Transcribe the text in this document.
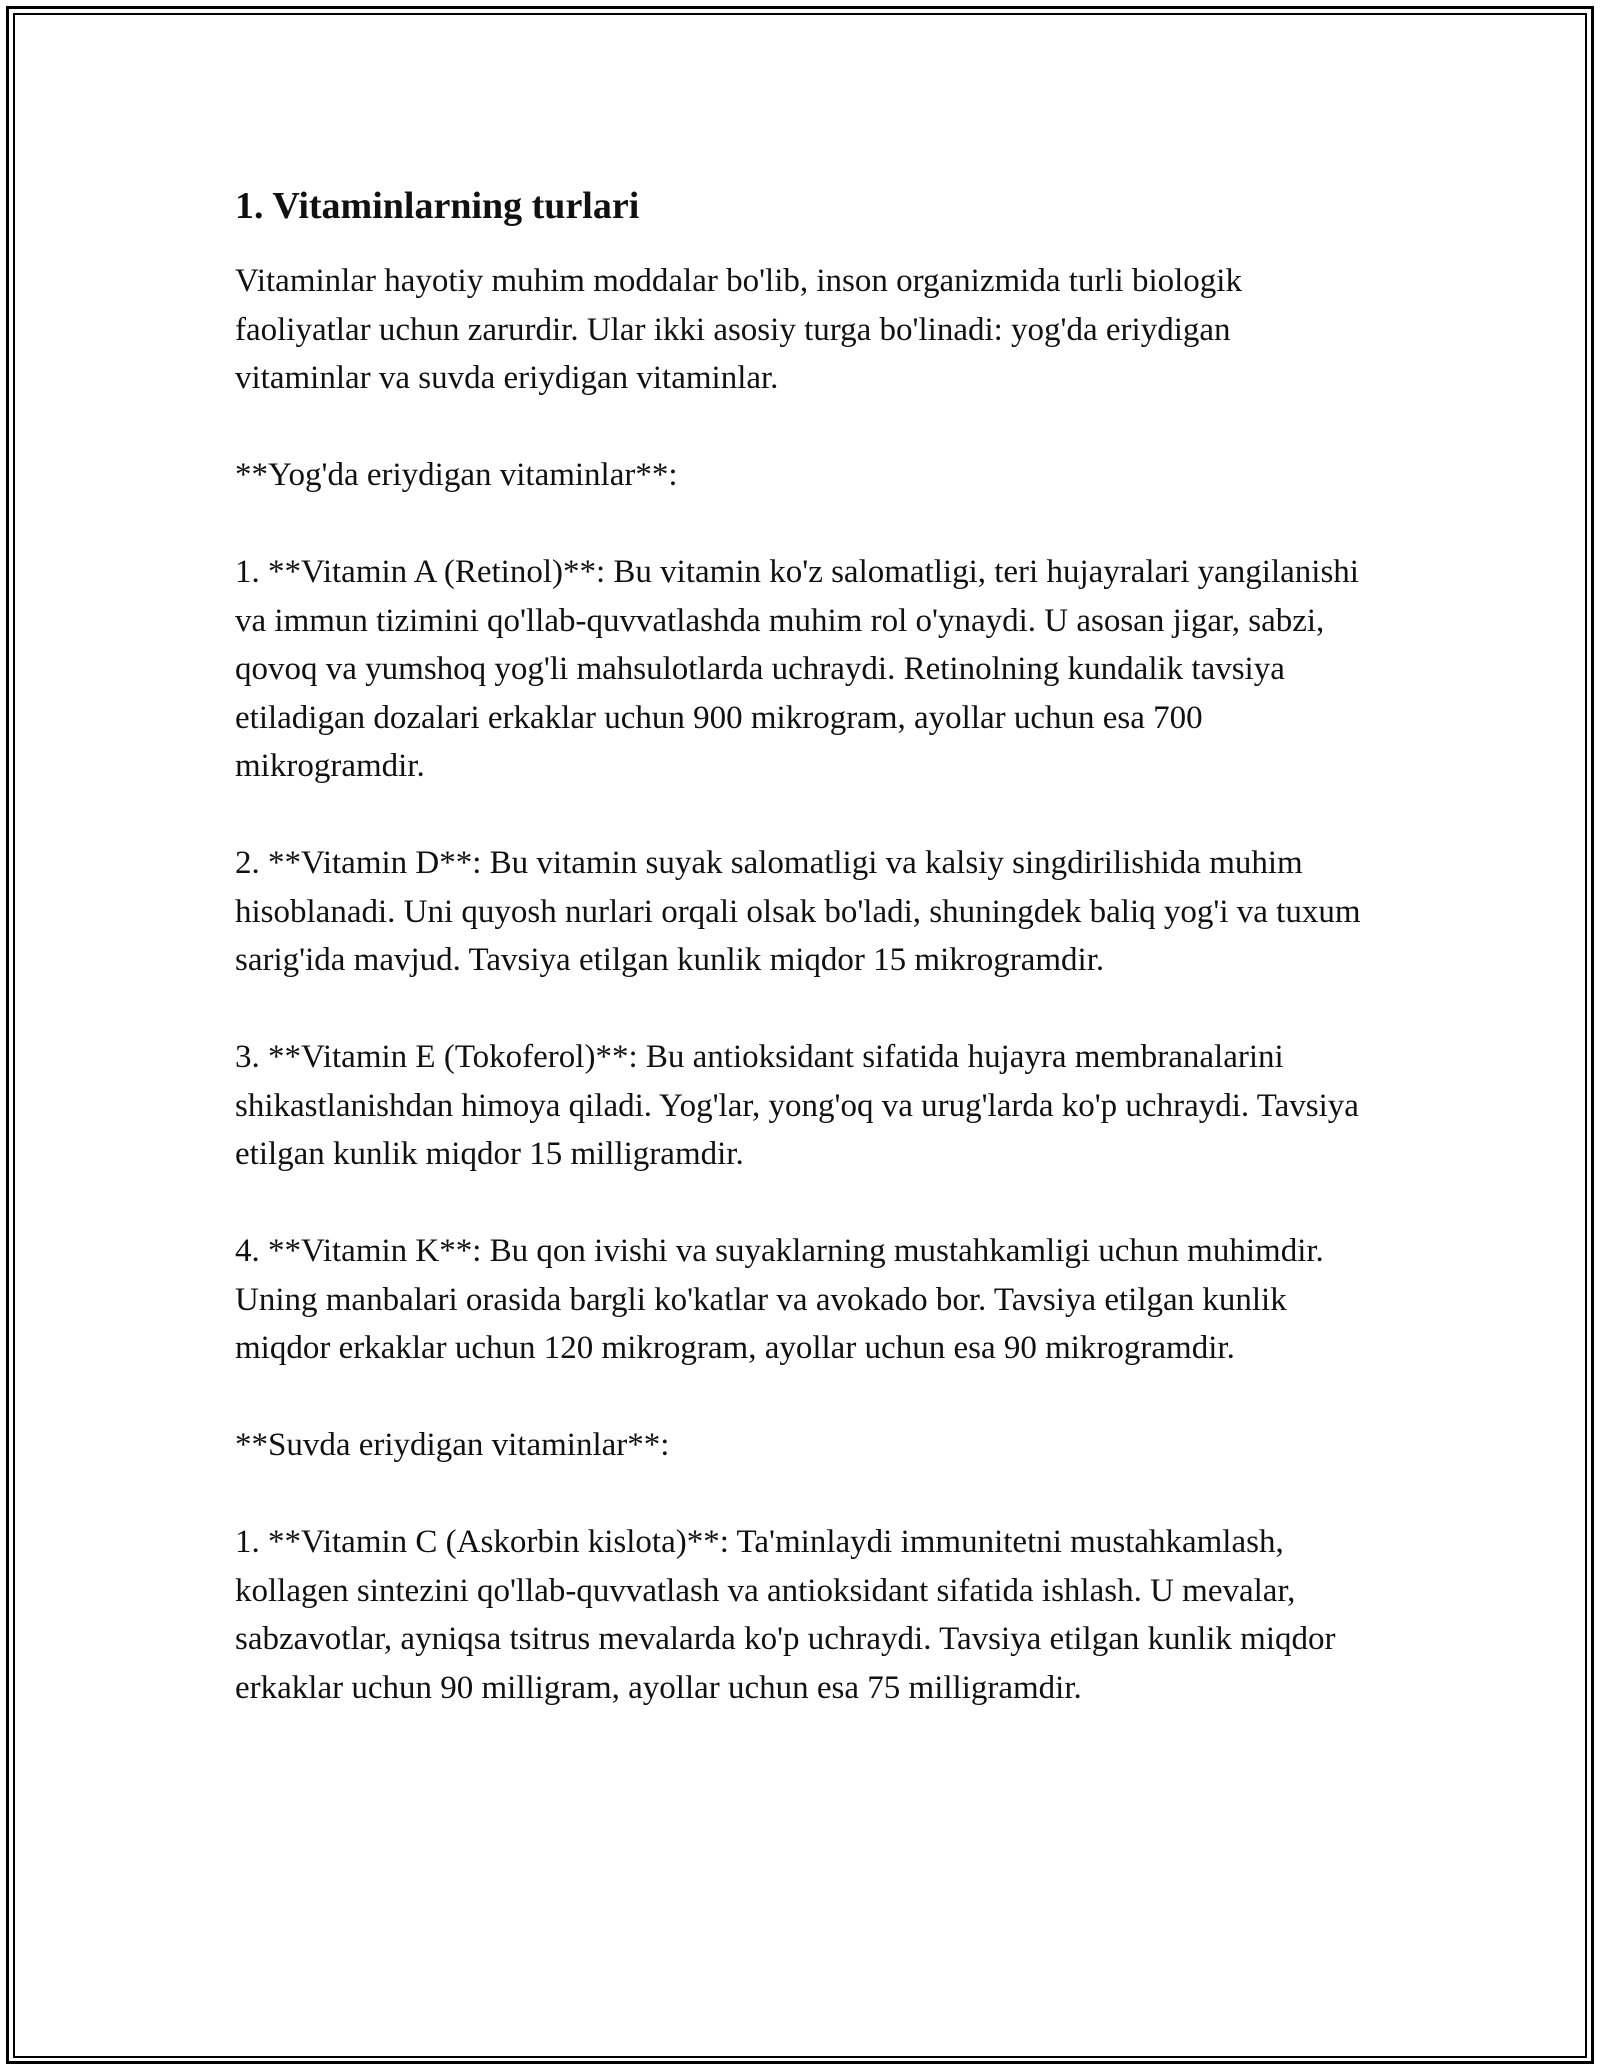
1. Vitaminlarning turlari

Vitaminlar hayotiy muhim moddalar bo'lib, inson organizmida turli biologik faoliyatlar uchun zarurdir. Ular ikki asosiy turga bo'linadi: yog'da eriydigan vitaminlar va suvda eriydigan vitaminlar.

**Yog'da eriydigan vitaminlar**:

1. **Vitamin A (Retinol)**: Bu vitamin ko'z salomatligi, teri hujayralari yangilanishi va immun tizimini qo'llab-quvvatlashda muhim rol o'ynaydi. U asosan jigar, sabzi, qovoq va yumshoq yog'li mahsulotlarda uchraydi. Retinolning kundalik tavsiya etiladigan dozalari erkaklar uchun 900 mikrogram, ayollar uchun esa 700 mikrogramdir.

2. **Vitamin D**: Bu vitamin suyak salomatligi va kalsiy singdirilishida muhim hisoblanadi. Uni quyosh nurlari orqali olsak bo'ladi, shuningdek baliq yog'i va tuxum sarig'ida mavjud. Tavsiya etilgan kunlik miqdor 15 mikrogramdir.

3. **Vitamin E (Tokoferol)**: Bu antioksidant sifatida hujayra membranalarini shikastlanishdan himoya qiladi. Yog'lar, yong'oq va urug'larda ko'p uchraydi. Tavsiya etilgan kunlik miqdor 15 milligramdir.

4. **Vitamin K**: Bu qon ivishi va suyaklarning mustahkamligi uchun muhimdir. Uning manbalari orasida bargli ko'katlar va avokado bor. Tavsiya etilgan kunlik miqdor erkaklar uchun 120 mikrogram, ayollar uchun esa 90 mikrogramdir.

**Suvda eriydigan vitaminlar**:

1. **Vitamin C (Askorbin kislota)**: Ta'minlaydi immunitetni mustahkamlash, kollagen sintezini qo'llab-quvvatlash va antioksidant sifatida ishlash. U mevalar, sabzavotlar, ayniqsa tsitrus mevalarda ko'p uchraydi. Tavsiya etilgan kunlik miqdor erkaklar uchun 90 milligram, ayollar uchun esa 75 milligramdir.
